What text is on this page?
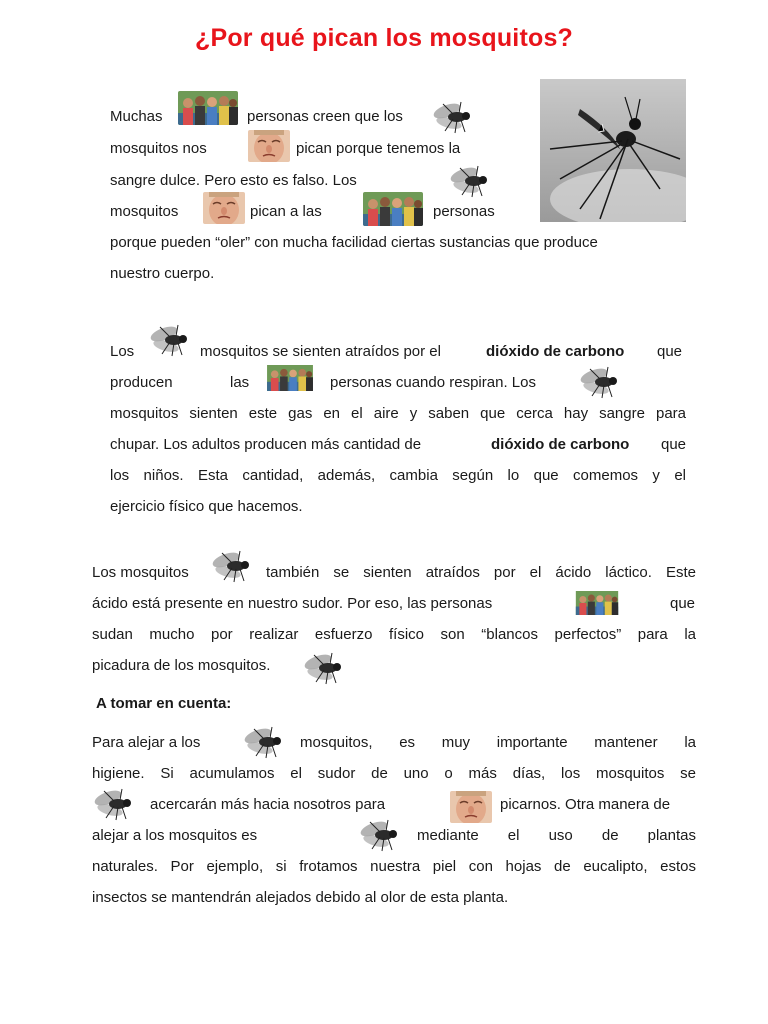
¿Por qué pican los mosquitos?
Muchas	personas creen que los
mosquitos nos	pican porque tenemos la
sangre dulce. Pero esto es falso. Los
mosquitos	pican a las	personas
porque pueden “oler” con mucha facilidad ciertas sustancias que produce
nuestro cuerpo.
Los	mosquitos se sienten atraídos por el	dióxido de carbono que
producen	las	personas cuando respiran. Los
mosquitos sienten este gas en el aire y saben que cerca hay sangre para
chupar. Los adultos producen más cantidad de	dióxido de carbono que
los niños. Esta cantidad, además, cambia según lo que comemos y el
ejercicio físico que hacemos.
Los mosquitos	también se sienten atraídos por el ácido láctico. Este
ácido está presente en nuestro sudor. Por eso, las personas	que
sudan mucho por realizar esfuerzo físico son “blancos perfectos” para la
picadura de los mosquitos.
A tomar en cuenta:
Para alejar a los	mosquitos, es muy importante mantener la
higiene. Si acumulamos el sudor de uno o más días, los mosquitos se
acercarán más hacia nosotros para	picarnos. Otra manera de
alejar a los mosquitos es	mediante el uso de plantas
naturales. Por ejemplo, si frotamos nuestra piel con hojas de eucalipto, estos
insectos se mantendrán alejados debido al olor de esta planta.
